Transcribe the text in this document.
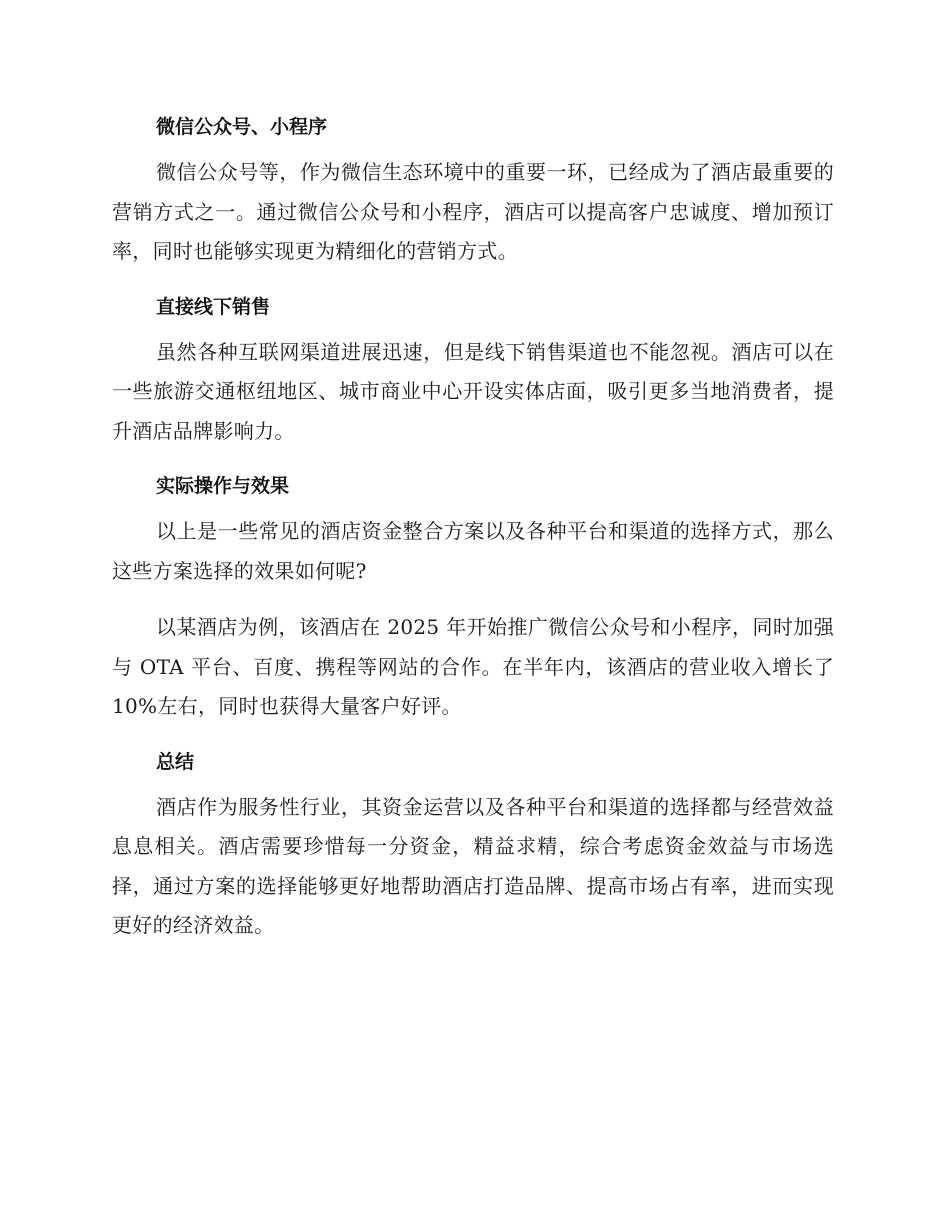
微信公众号、小程序

微信公众号等，作为微信生态环境中的重要一环，已经成为了酒店最重要的营销方式之一。通过微信公众号和小程序，酒店可以提高客户忠诚度、增加预订率，同时也能够实现更为精细化的营销方式。

直接线下销售

虽然各种互联网渠道进展迅速，但是线下销售渠道也不能忽视。酒店可以在一些旅游交通枢纽地区、城市商业中心开设实体店面，吸引更多当地消费者，提升酒店品牌影响力。

实际操作与效果

以上是一些常见的酒店资金整合方案以及各种平台和渠道的选择方式，那么这些方案选择的效果如何呢?

以某酒店为例，该酒店在 2025 年开始推广微信公众号和小程序，同时加强与 OTA 平台、百度、携程等网站的合作。在半年内，该酒店的营业收入增长了 10%左右，同时也获得大量客户好评。

总结

酒店作为服务性行业，其资金运营以及各种平台和渠道的选择都与经营效益息息相关。酒店需要珍惜每一分资金，精益求精，综合考虑资金效益与市场选择，通过方案的选择能够更好地帮助酒店打造品牌、提高市场占有率，进而实现更好的经济效益。
